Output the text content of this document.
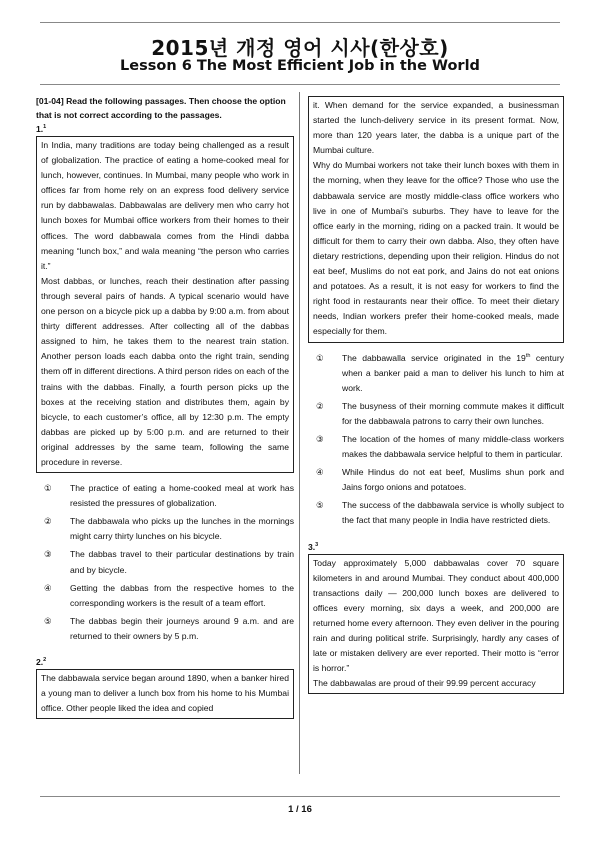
2015년 개정 영어 시사(한상호)
Lesson 6 The Most Efficient Job in the World

[01-04] Read the following passages. Then choose the option that is not correct according to the passages.

1.$^1$

In India, many traditions are today being challenged as a result of globalization. The practice of eating a home-cooked meal for lunch, however, continues. In Mumbai, many people who work in offices far from home rely on an express food delivery service run by dabbawalas. Dabbawalas are delivery men who carry hot lunch boxes for Mumbai office workers from their homes to their offices. The word dabbawala comes from the Hindi dabba meaning “lunch box,” and wala meaning “the person who carries it.”

Most dabbas, or lunches, reach their destination after passing through several pairs of hands. A typical scenario would have one person on a bicycle pick up a dabba by 9:00 a.m. from about thirty different addresses. After collecting all of the dabbas assigned to him, he takes them to the nearest train station. Another person loads each dabba onto the right train, sending them off in different directions. A third person rides on each of the trains with the dabbas. Finally, a fourth person picks up the boxes at the receiving station and distributes them, again by bicycle, to each customer’s office, all by 12:30 p.m. The empty dabbas are picked up by 5:00 p.m. and are returned to their original addresses by the same team, following the same procedure in reverse.

①	The practice of eating a home-cooked meal at work has resisted the pressures of globalization.
②	The dabbawala who picks up the lunches in the mornings might carry thirty lunches on his bicycle.
③	The dabbas travel to their particular destinations by train and by bicycle.
④	Getting the dabbas from the respective homes to the corresponding workers is the result of a team effort.
⑤	The dabbas begin their journeys around 9 a.m. and are returned to their owners by 5 p.m.
2.$^2$

The dabbawala service began around 1890, when a banker hired a young man to deliver a lunch box from his home to his Mumbai office. Other people liked the idea and copied

it. When demand for the service expanded, a businessman started the lunch-delivery service in its present format. Now, more than 120 years later, the dabba is a unique part of the Mumbai culture.

Why do Mumbai workers not take their lunch boxes with them in the morning, when they leave for the office? Those who use the dabbawala service are mostly middle-class office workers who live in one of Mumbai’s suburbs. They have to leave for the office early in the morning, riding on a packed train. It would be difficult for them to carry their own dabba. Also, they often have dietary restrictions, depending upon their religion. Hindus do not eat beef, Muslims do not eat pork, and Jains do not eat onions and potatoes. As a result, it is not easy for workers to find the right food in restaurants near their office. To meet their dietary needs, Indian workers prefer their home-cooked meals, made especially for them.

①	The dabbawalla service originated in the 19th century when a banker paid a man to deliver his lunch to him at work.
②	The busyness of their morning commute makes it difficult for the dabbawala patrons to carry their own lunches.
③	The location of the homes of many middle-class workers makes the dabbawala service helpful to them in particular.
④	While Hindus do not eat beef, Muslims shun pork and Jains forgo onions and potatoes.
⑤	The success of the dabbawala service is wholly subject to the fact that many people in India have restricted diets.
3.$^3$

Today approximately 5,000 dabbawalas cover 70 square kilometers in and around Mumbai. They conduct about 400,000 transactions daily — 200,000 lunch boxes are delivered to offices every morning, six days a week, and 200,000 are returned home every afternoon. They even deliver in the pouring rain and during political strife. Surprisingly, hardly any cases of late or mistaken delivery are ever reported. Their motto is “error is horror.”

The dabbawalas are proud of their 99.99 percent accuracy

1 / 16
